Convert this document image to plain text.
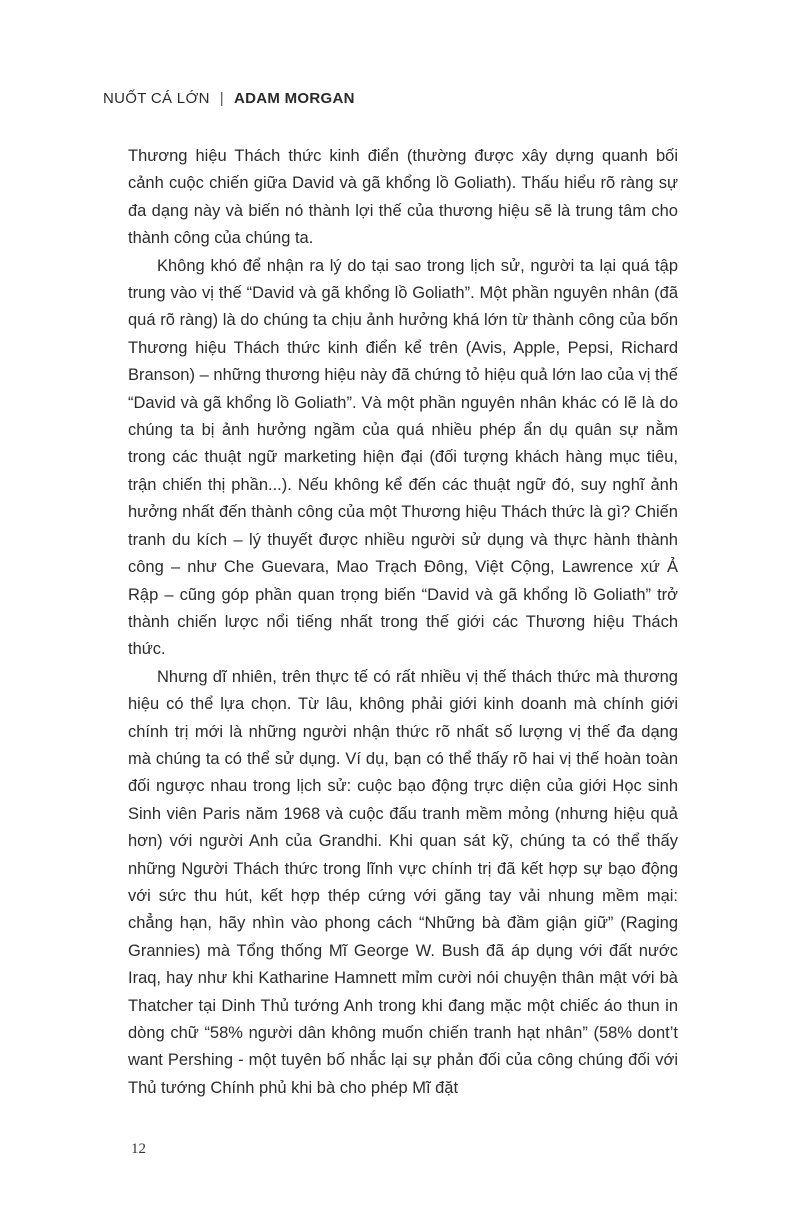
NUỐT CÁ LỚN | ADAM MORGAN

Thương hiệu Thách thức kinh điển (thường được xây dựng quanh bối cảnh cuộc chiến giữa David và gã khổng lồ Goliath). Thấu hiểu rõ ràng sự đa dạng này và biến nó thành lợi thế của thương hiệu sẽ là trung tâm cho thành công của chúng ta.

Không khó để nhận ra lý do tại sao trong lịch sử, người ta lại quá tập trung vào vị thế “David và gã khổng lồ Goliath”. Một phần nguyên nhân (đã quá rõ ràng) là do chúng ta chịu ảnh hưởng khá lớn từ thành công của bốn Thương hiệu Thách thức kinh điển kể trên (Avis, Apple, Pepsi, Richard Branson) – những thương hiệu này đã chứng tỏ hiệu quả lớn lao của vị thế “David và gã khổng lồ Goliath”. Và một phần nguyên nhân khác có lẽ là do chúng ta bị ảnh hưởng ngầm của quá nhiều phép ẩn dụ quân sự nằm trong các thuật ngữ marketing hiện đại (đối tượng khách hàng mục tiêu, trận chiến thị phần...). Nếu không kể đến các thuật ngữ đó, suy nghĩ ảnh hưởng nhất đến thành công của một Thương hiệu Thách thức là gì? Chiến tranh du kích – lý thuyết được nhiều người sử dụng và thực hành thành công – như Che Guevara, Mao Trạch Đông, Việt Cộng, Lawrence xứ Ả Rập – cũng góp phần quan trọng biến “David và gã khổng lồ Goliath” trở thành chiến lược nổi tiếng nhất trong thế giới các Thương hiệu Thách thức.

Nhưng dĩ nhiên, trên thực tế có rất nhiều vị thế thách thức mà thương hiệu có thể lựa chọn. Từ lâu, không phải giới kinh doanh mà chính giới chính trị mới là những người nhận thức rõ nhất số lượng vị thế đa dạng mà chúng ta có thể sử dụng. Ví dụ, bạn có thể thấy rõ hai vị thế hoàn toàn đối ngược nhau trong lịch sử: cuộc bạo động trực diện của giới Học sinh Sinh viên Paris năm 1968 và cuộc đấu tranh mềm mỏng (nhưng hiệu quả hơn) với người Anh của Grandhi. Khi quan sát kỹ, chúng ta có thể thấy những Người Thách thức trong lĩnh vực chính trị đã kết hợp sự bạo động với sức thu hút, kết hợp thép cứng với găng tay vải nhung mềm mại: chẳng hạn, hãy nhìn vào phong cách “Những bà đầm giận giữ” (Raging Grannies) mà Tổng thống Mĩ George W. Bush đã áp dụng với đất nước Iraq, hay như khi Katharine Hamnett mỉm cười nói chuyện thân mật với bà Thatcher tại Dinh Thủ tướng Anh trong khi đang mặc một chiếc áo thun in dòng chữ “58% người dân không muốn chiến tranh hạt nhân” (58% dont’t want Pershing - một tuyên bố nhắc lại sự phản đối của công chúng đối với Thủ tướng Chính phủ khi bà cho phép Mĩ đặt

12
